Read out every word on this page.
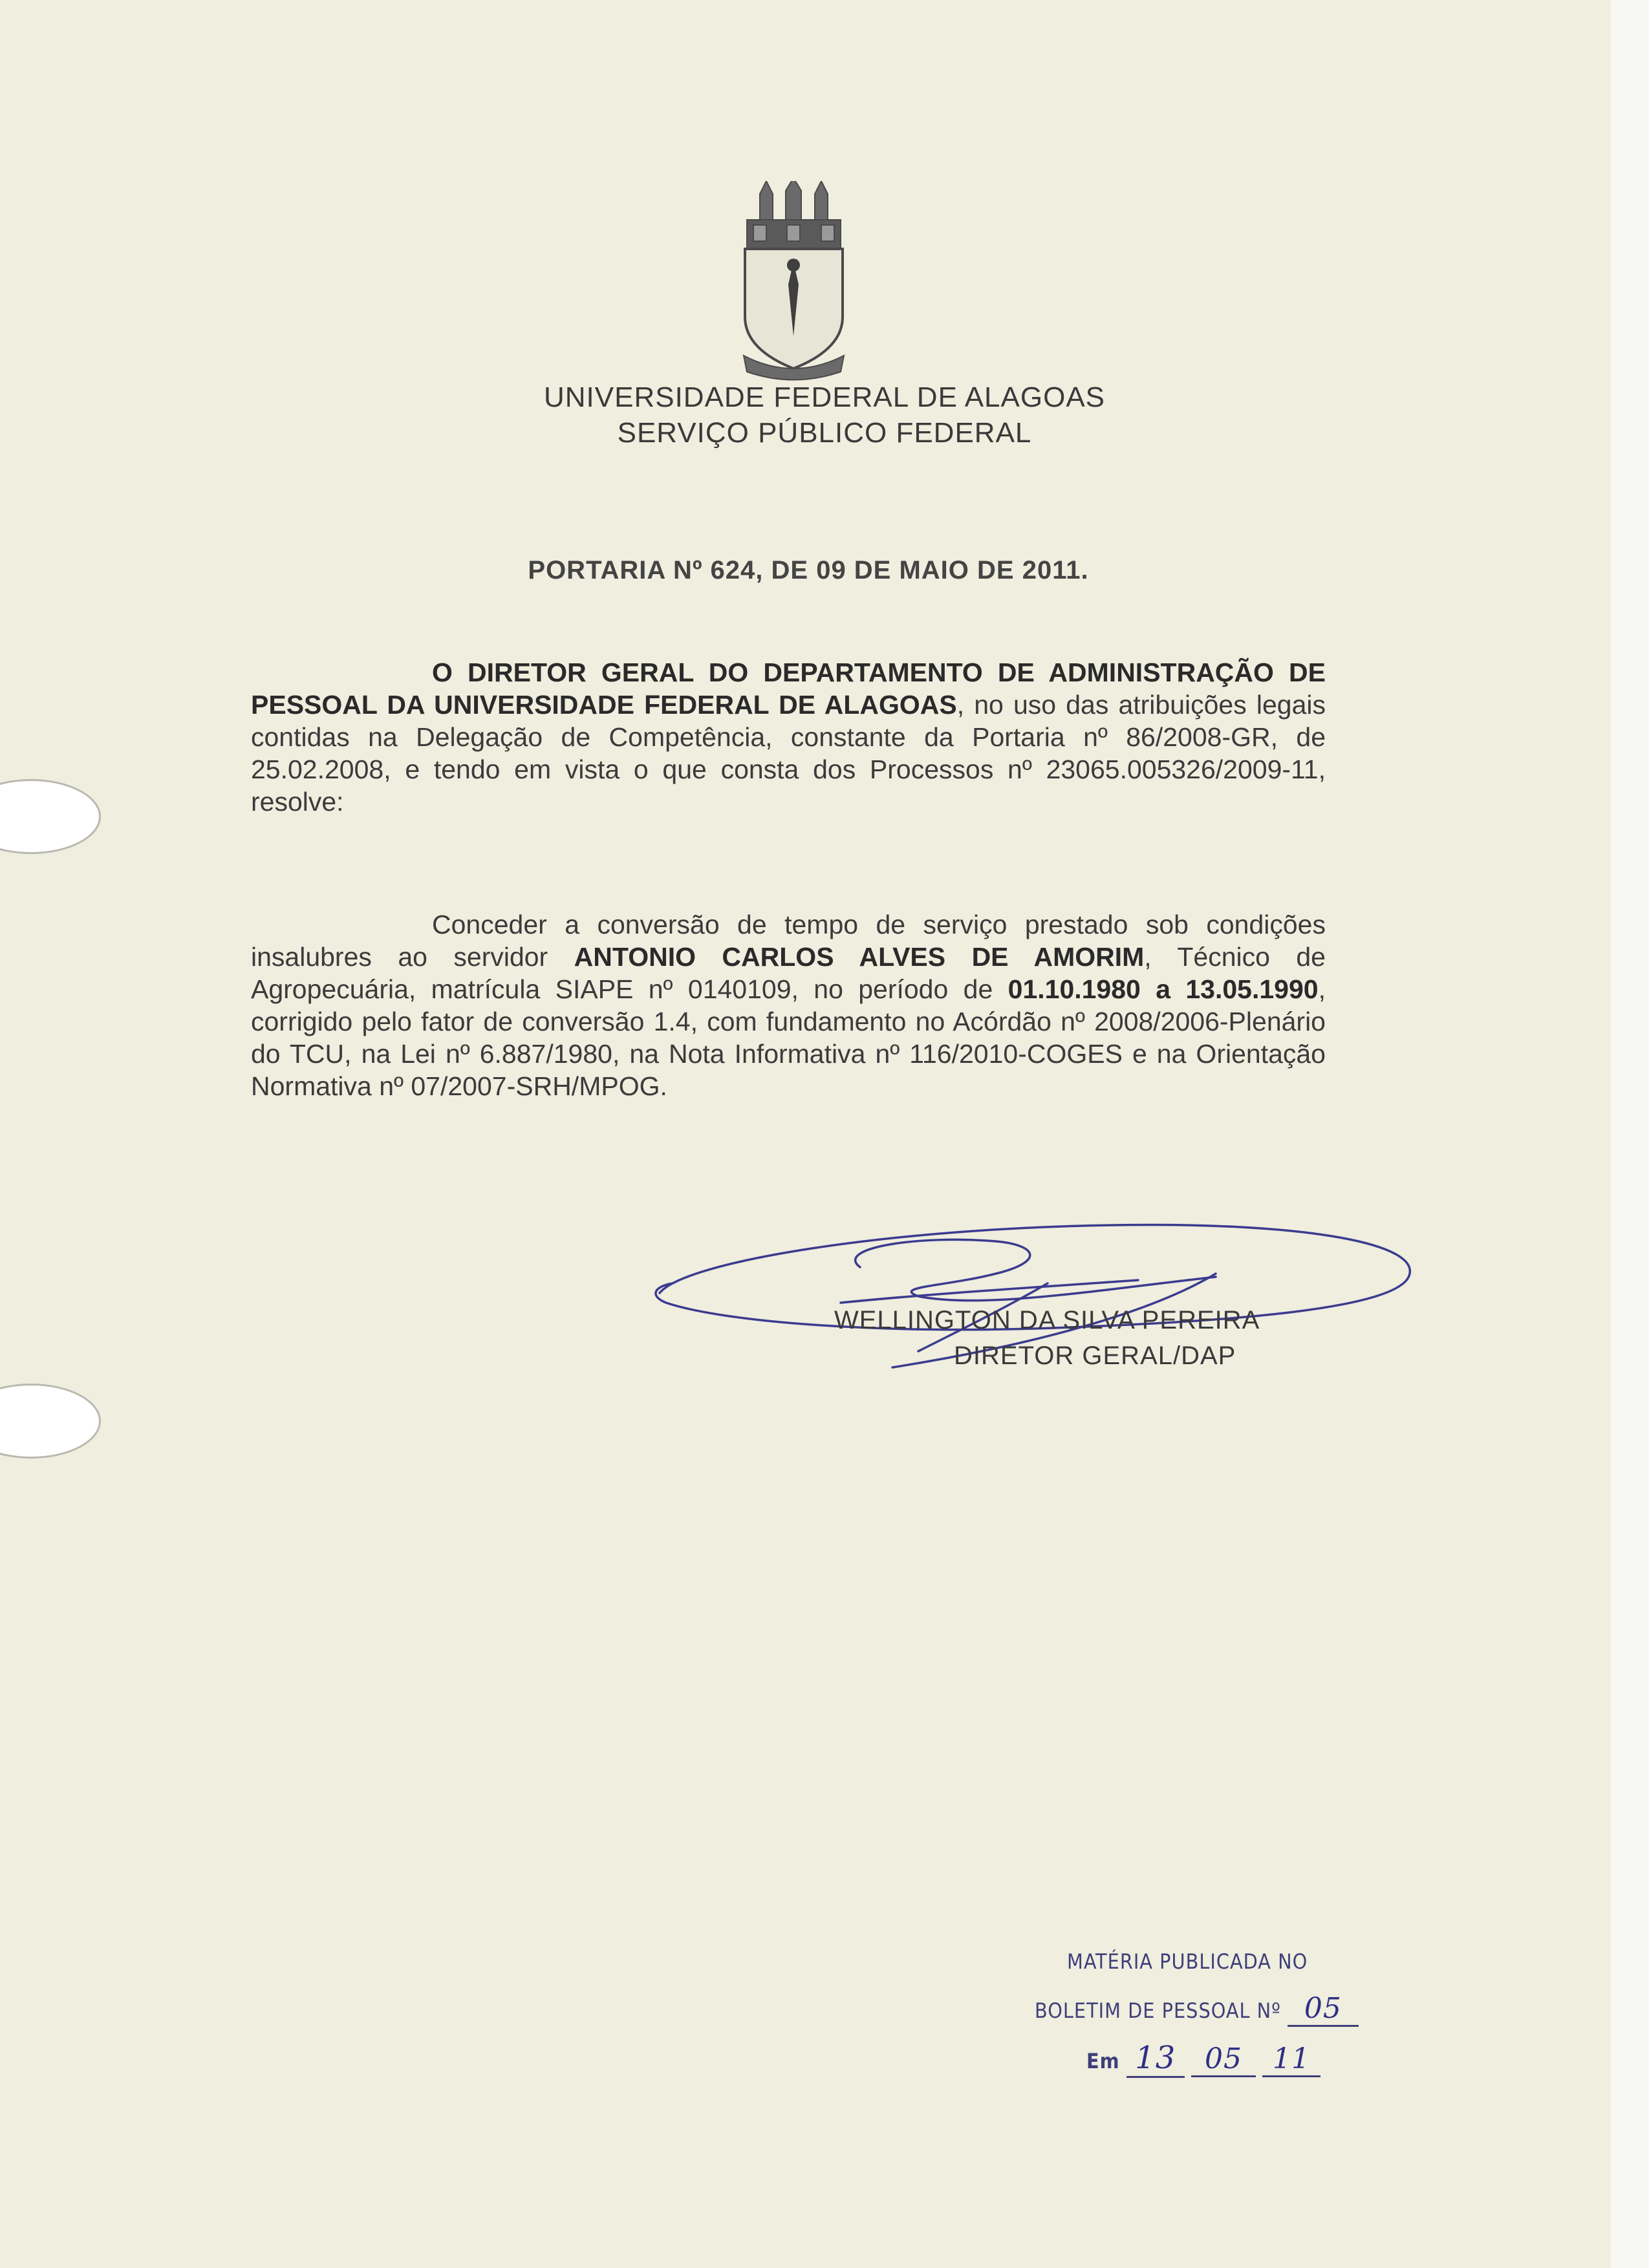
UNIVERSIDADE FEDERAL DE ALAGOAS
SERVIÇO PÚBLICO FEDERAL
PORTARIA Nº 624, DE 09 DE MAIO DE 2011.
O DIRETOR GERAL DO DEPARTAMENTO DE ADMINISTRAÇÃO DE PESSOAL DA UNIVERSIDADE FEDERAL DE ALAGOAS, no uso das atribuições legais contidas na Delegação de Competência, constante da Portaria nº 86/2008-GR, de 25.02.2008, e tendo em vista o que consta dos Processos nº 23065.005326/2009-11, resolve:
Conceder a conversão de tempo de serviço prestado sob condições insalubres ao servidor ANTONIO CARLOS ALVES DE AMORIM, Técnico de Agropecuária, matrícula SIAPE nº 0140109, no período de 01.10.1980 a 13.05.1990, corrigido pelo fator de conversão 1.4, com fundamento no Acórdão nº 2008/2006-Plenário do TCU, na Lei nº 6.887/1980, na Nota Informativa nº 116/2010-COGES e na Orientação Normativa nº 07/2007-SRH/MPOG.
WELLINGTON DA SILVA PEREIRA
DIRETOR GERAL/DAP
MATÉRIA PUBLICADA NO
BOLETIM DE PESSOAL Nº 05
Em 13 05 11
